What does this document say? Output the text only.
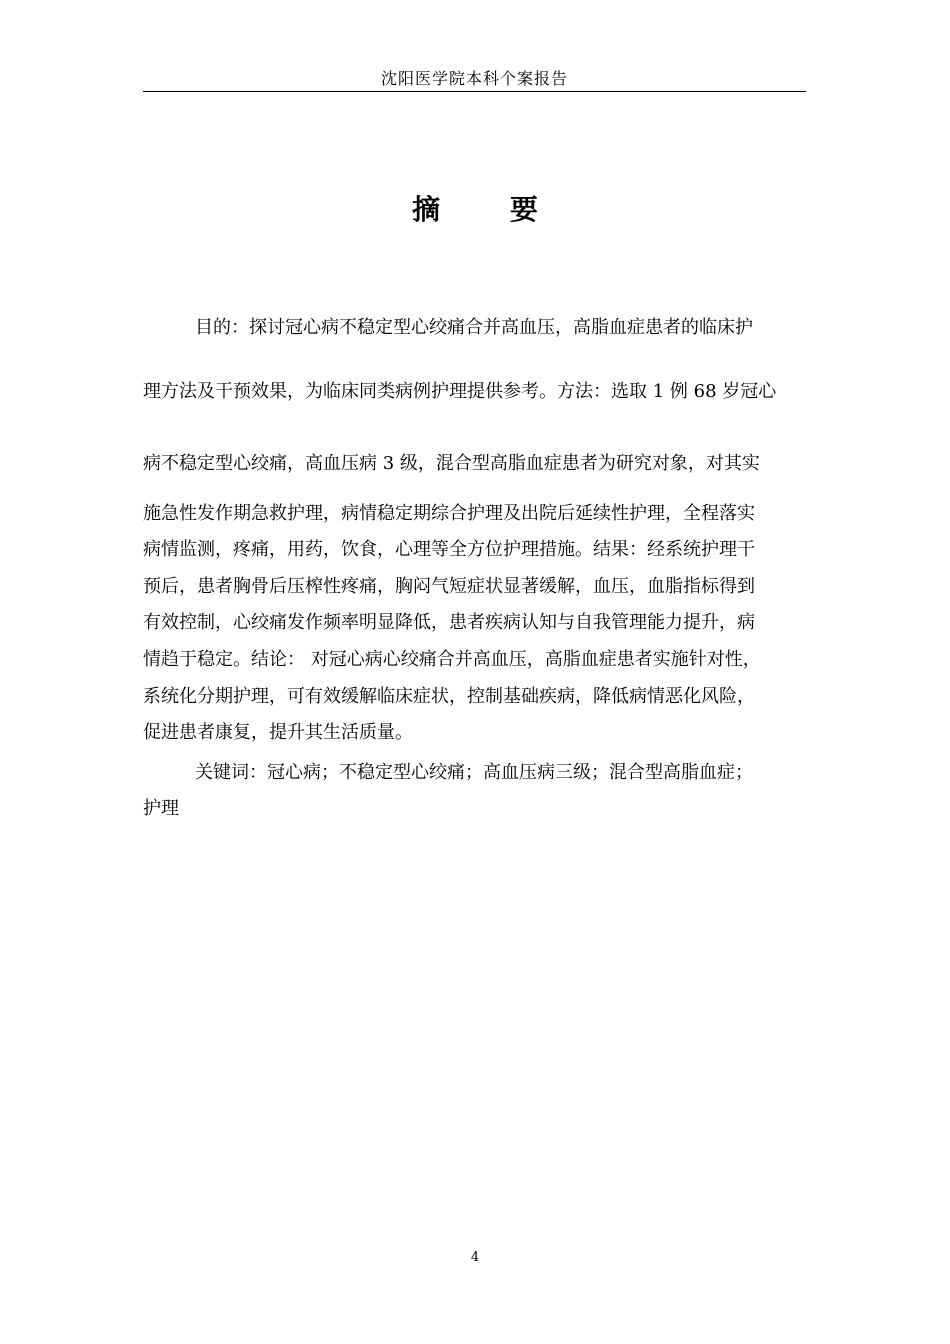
沈阳医学院本科个案报告
摘 要
目的：探讨冠心病不稳定型心绞痛合并高血压，高脂血症患者的临床护
理方法及干预效果，为临床同类病例护理提供参考。方法：选取 1 例 68 岁冠心
病不稳定型心绞痛，高血压病 3 级，混合型高脂血症患者为研究对象，对其实
施急性发作期急救护理，病情稳定期综合护理及出院后延续性护理，全程落实
病情监测，疼痛，用药，饮食，心理等全方位护理措施。结果：经系统护理干
预后，患者胸骨后压榨性疼痛，胸闷气短症状显著缓解，血压，血脂指标得到
有效控制，心绞痛发作频率明显降低，患者疾病认知与自我管理能力提升，病
情趋于稳定。结论： 对冠心病心绞痛合并高血压，高脂血症患者实施针对性，
系统化分期护理，可有效缓解临床症状，控制基础疾病，降低病情恶化风险，
促进患者康复，提升其生活质量。
关键词：冠心病；不稳定型心绞痛；高血压病三级；混合型高脂血症；
护理
4
